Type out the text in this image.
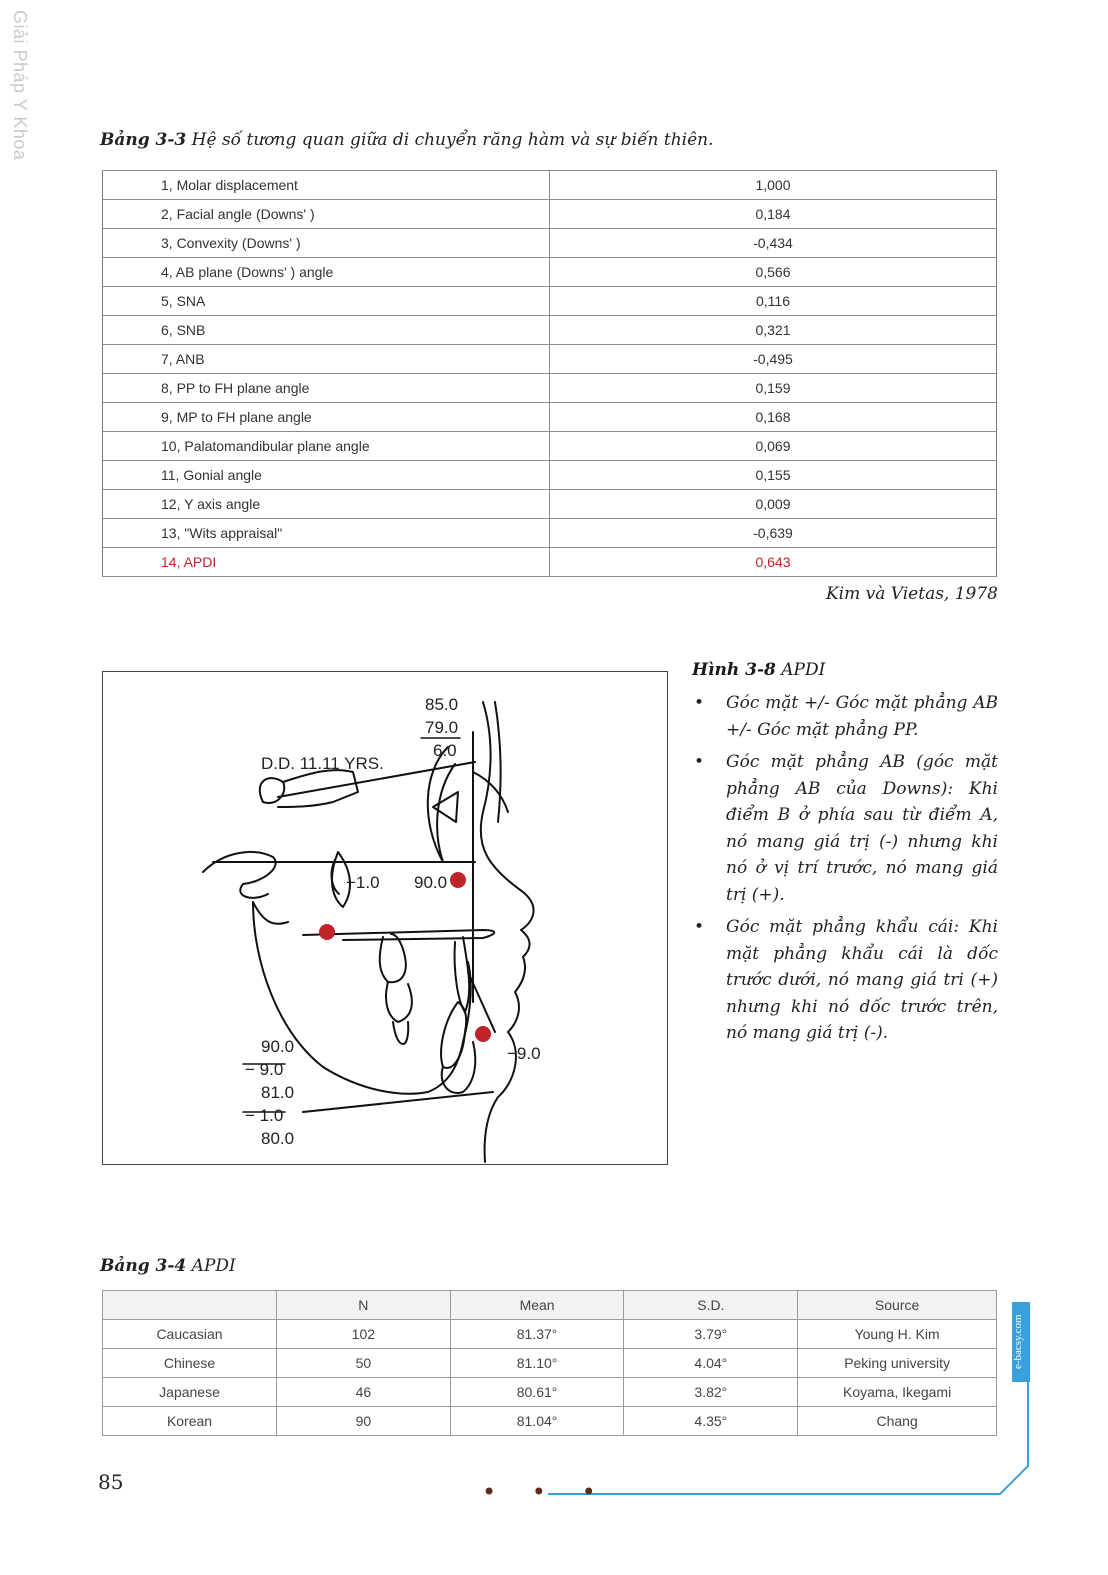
Giải Pháp Y Khoa	Bảng 3-3 Hệ số tương quan giữa di chuyển răng hàm và sự biến thiên.
1, Molar displacement	1,000
2, Facial angle (Downs' )	0,184
3, Convexity (Downs' )	-0,434
4, AB plane (Downs' ) angle	0,566
5, SNA	0,116
6, SNB	0,321
7, ANB	-0,495
8, PP to FH plane angle	0,159
9, MP to FH plane angle	0,168
10, Palatomandibular plane angle	0,069
11, Gonial angle	0,155
12, Y axis angle	0,009
13, "Wits appraisal"	-0,639
14, APDI	0,643
Kim và Vietas, 1978
85.0
79.0
6.0
D.D. 11.11 YRS.
−1.0 90.0
−9.0
90.0
− 9.0
81.0
− 1.0
80.0
Hình 3-8 APDI
• Góc mặt +/- Góc mặt phẳng AB +/- Góc mặt phẳng PP.
• Góc mặt phẳng AB (góc mặt phẳng AB của Downs): Khi điểm B ở phía sau từ điểm A, nó mang giá trị (-) nhưng khi nó ở vị trí trước, nó mang giá trị (+).
• Góc mặt phẳng khẩu cái: Khi mặt phẳng khẩu cái là dốc trước dưới, nó mang giá tri (+) nhưng khi nó dốc trước trên, nó mang giá trị (-).
Bảng 3-4 APDI
	N	Mean	S.D.	Source
Caucasian	102	81.37°	3.79°	Young H. Kim
Chinese	50	81.10°	4.04°	Peking university
Japanese	46	80.61°	3.82°	Koyama, Ikegami
Korean	90	81.04°	4.35°	Chang
e-bacsy.com
85	• • •
